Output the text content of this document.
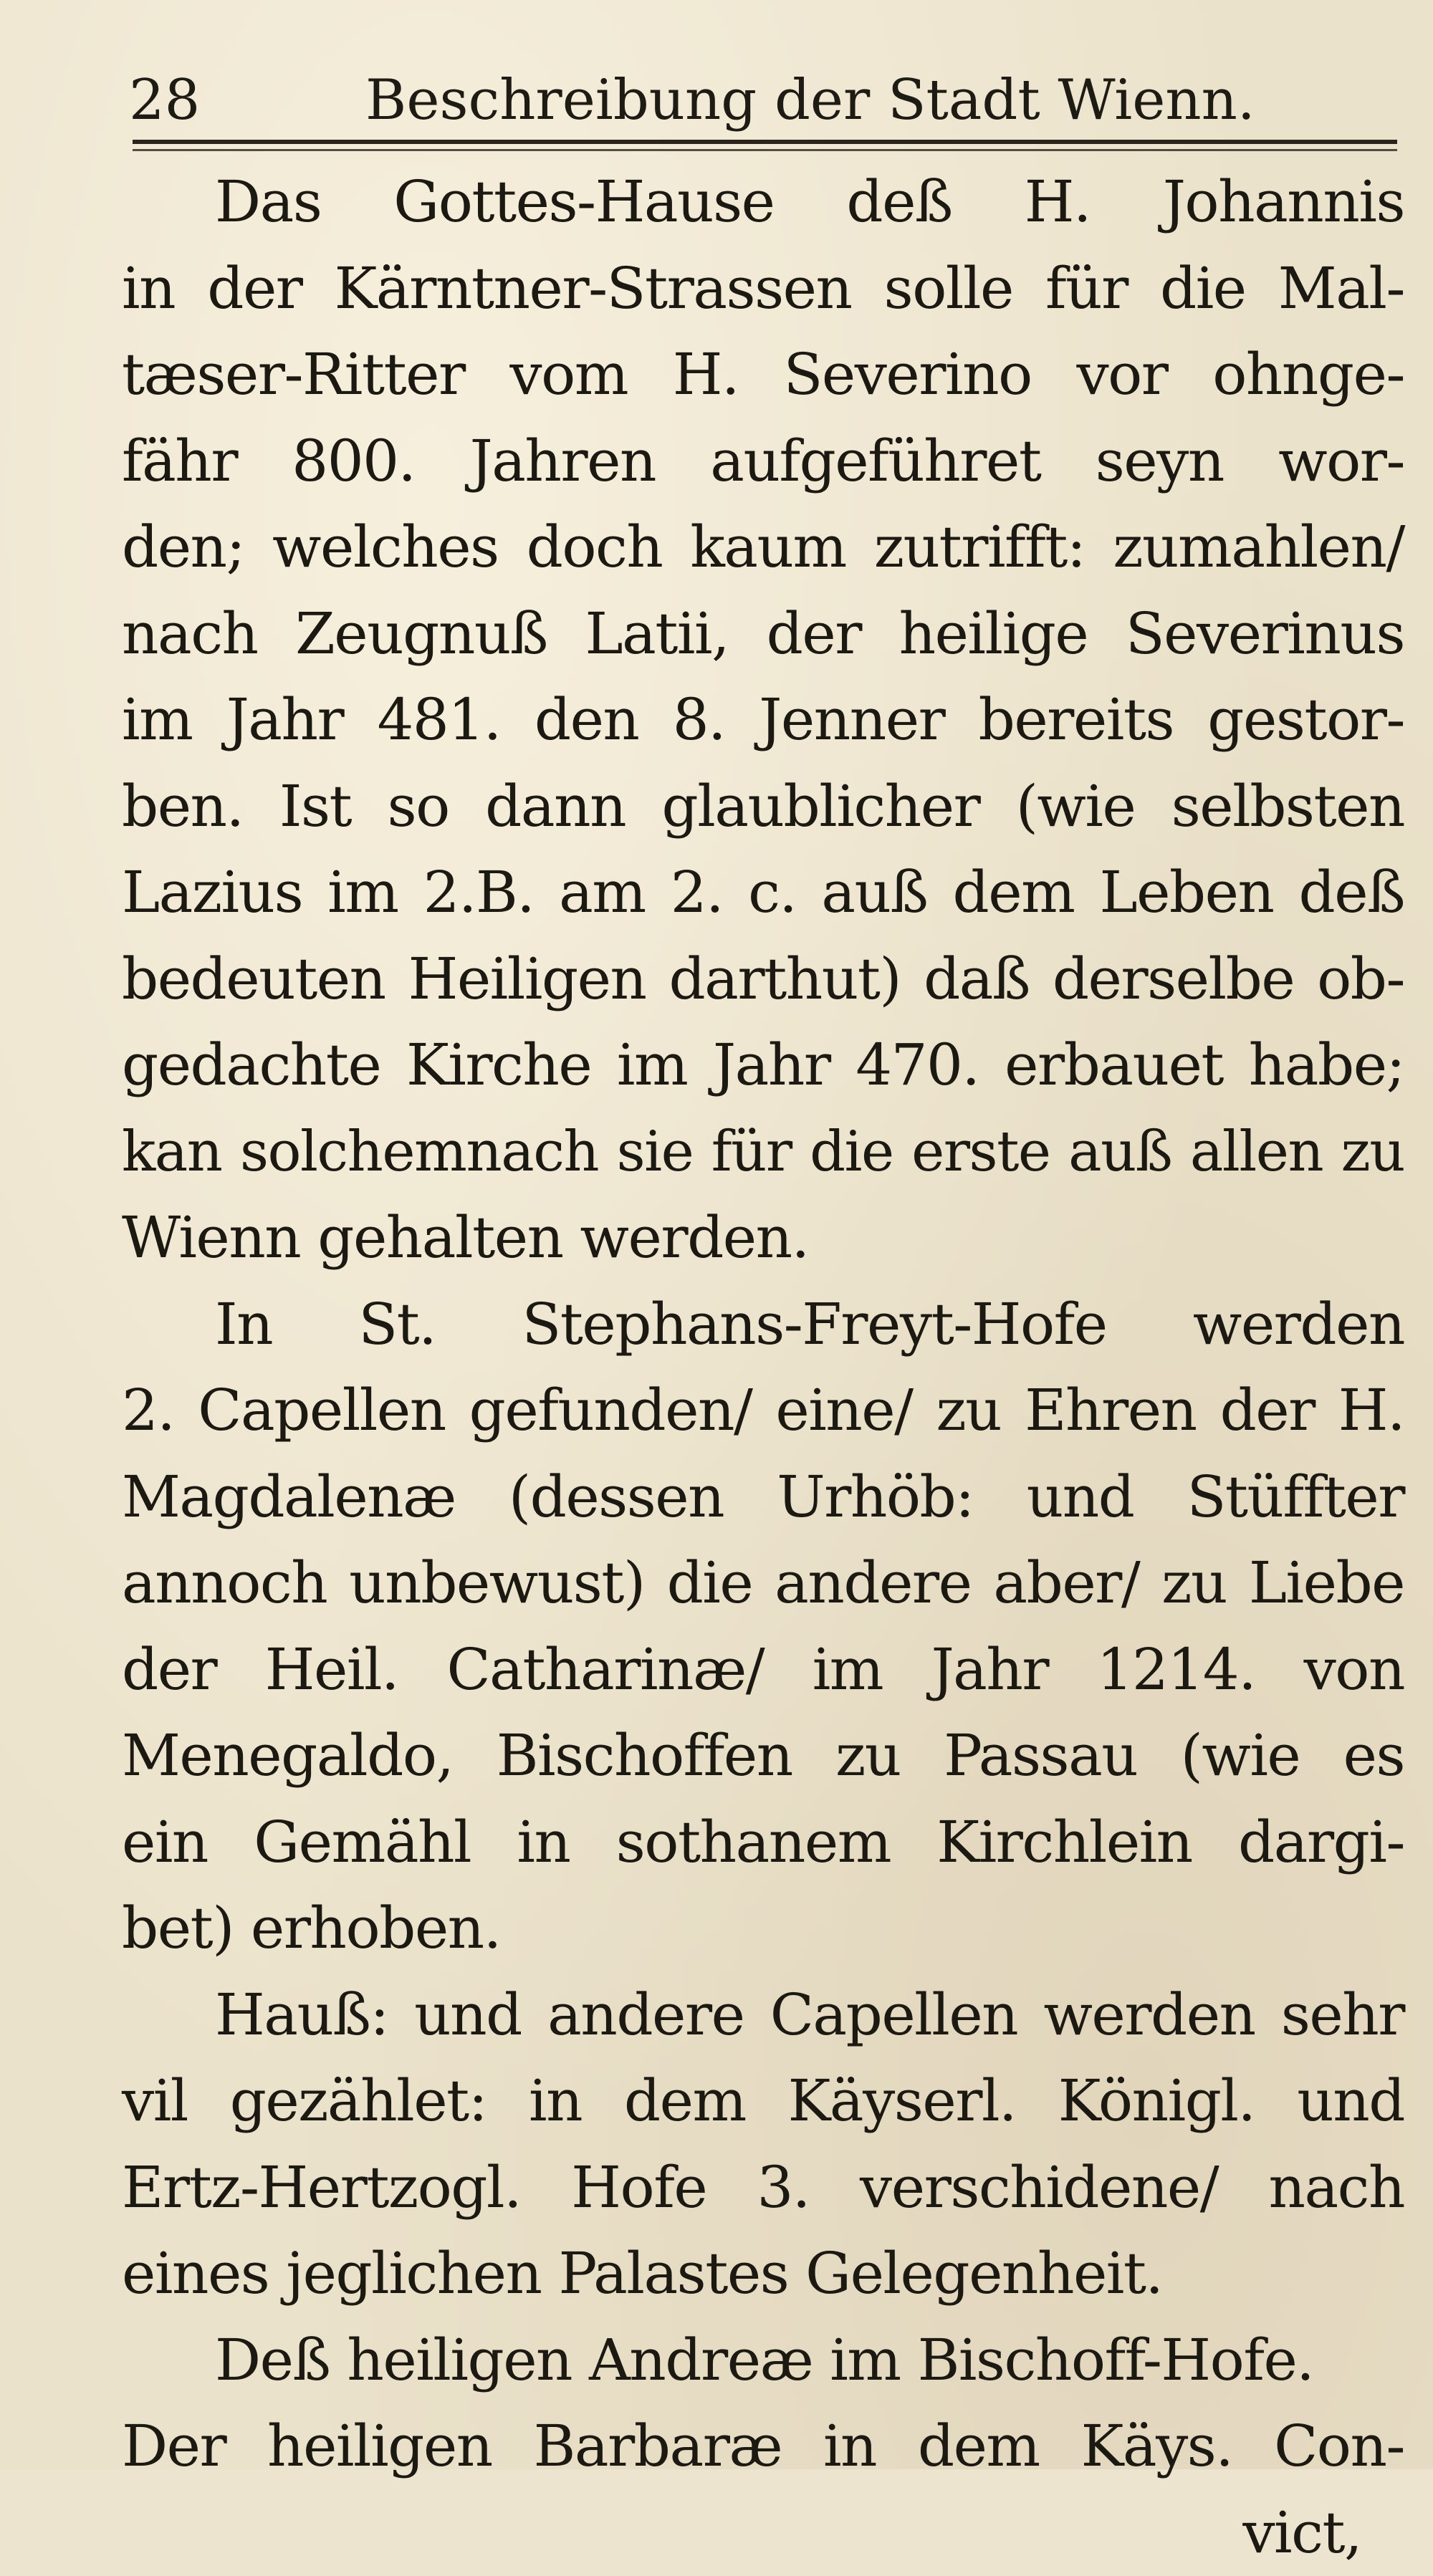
28	Beschreibung der Stadt Wienn.
Das Gottes-Hause deß H. Johannis
in der Kärntner-Strassen solle für die Mal-
tæser-Ritter vom H. Severino vor ohnge-
fähr 800. Jahren aufgeführet seyn wor-
den; welches doch kaum zutrifft: zumahlen/
nach Zeugnuß Latii, der heilige Severinus
im Jahr 481. den 8. Jenner bereits gestor-
ben. Ist so dann glaublicher (wie selbsten
Lazius im 2.B. am 2. c. auß dem Leben deß
bedeuten Heiligen darthut) daß derselbe ob-
gedachte Kirche im Jahr 470. erbauet habe;
kan solchemnach sie für die erste auß allen zu
Wienn gehalten werden.
In St. Stephans-Freyt-Hofe werden
2. Capellen gefunden/ eine/ zu Ehren der H.
Magdalenæ (dessen Urhöb: und Stüffter
annoch unbewust) die andere aber/ zu Liebe
der Heil. Catharinæ/ im Jahr 1214. von
Menegaldo, Bischoffen zu Passau (wie es
ein Gemähl in sothanem Kirchlein dargi-
bet) erhoben.
Hauß: und andere Capellen werden sehr
vil gezählet: in dem Käyserl. Königl. und
Ertz-Hertzogl. Hofe 3. verschidene/ nach
eines jeglichen Palastes Gelegenheit.
Deß heiligen Andreæ im Bischoff-Hofe.
Der heiligen Barbaræ in dem Käys. Con-
vict,
